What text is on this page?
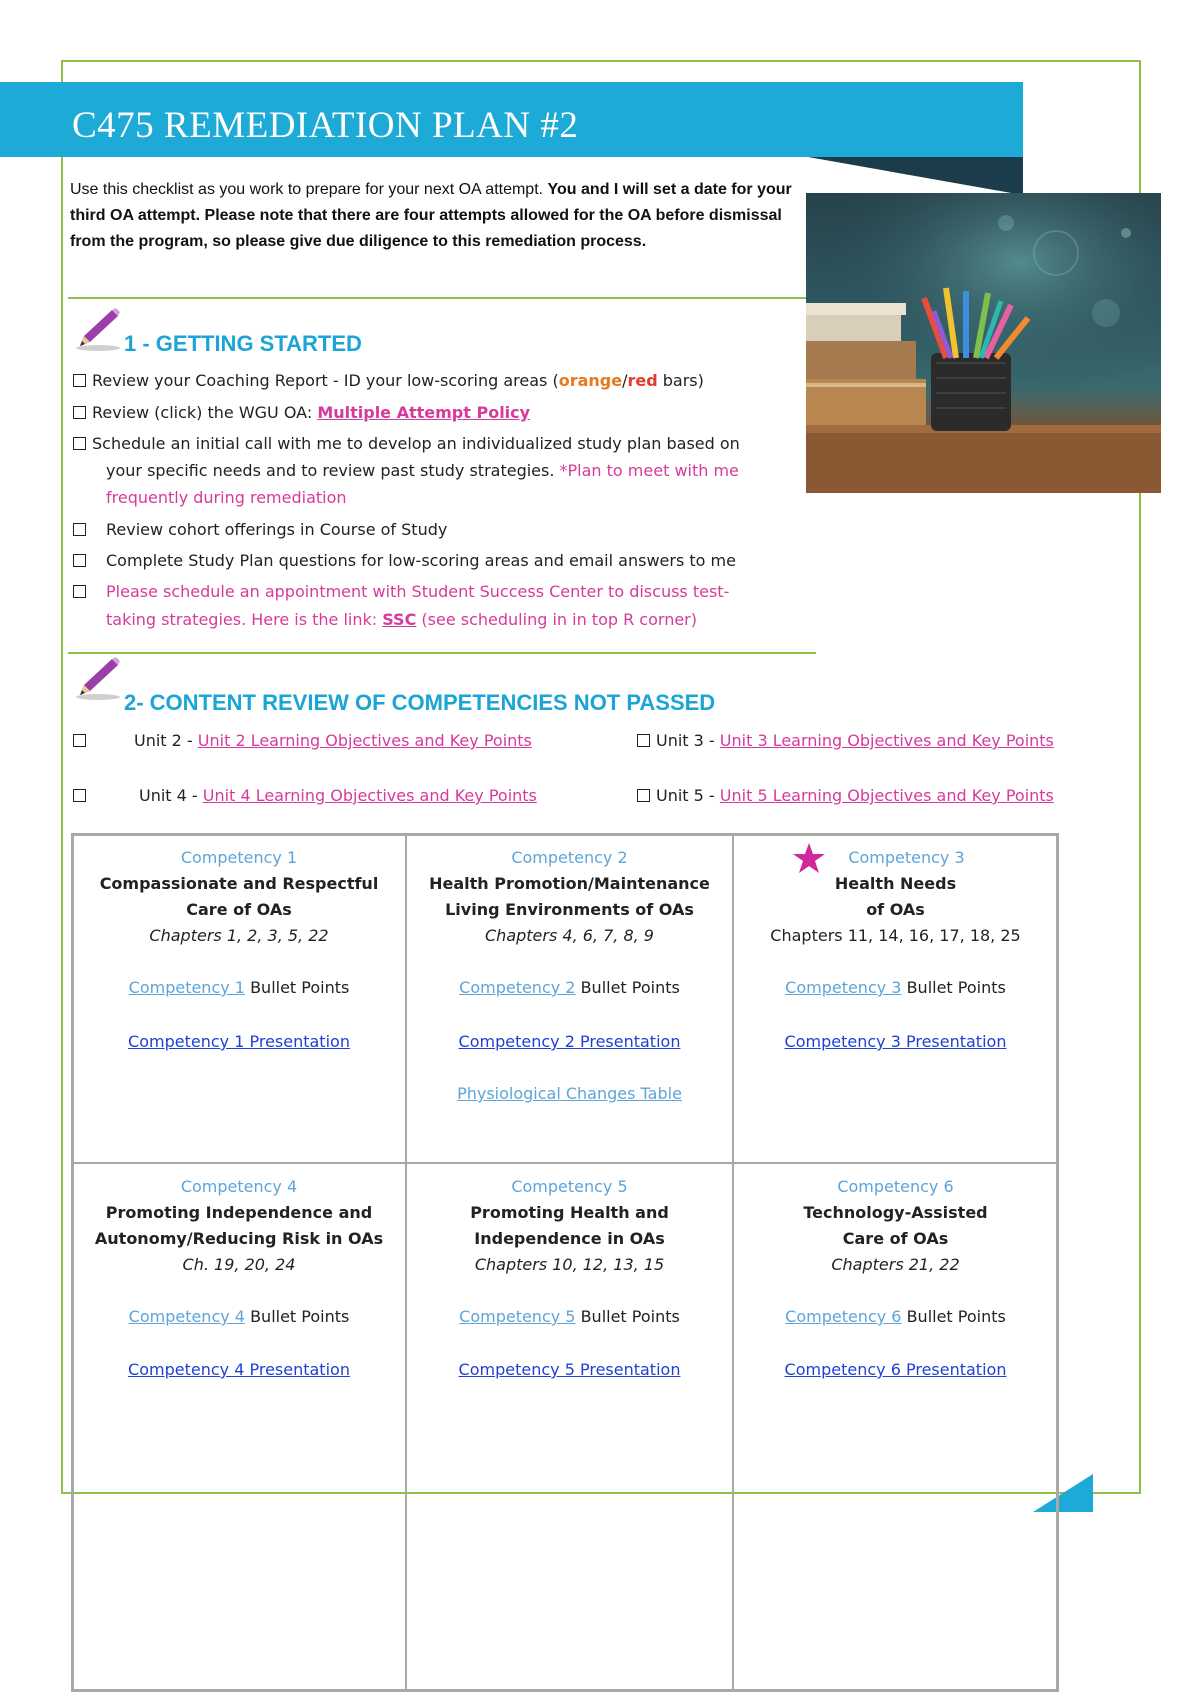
C475 REMEDIATION PLAN #2
Use this checklist as you work to prepare for your next OA attempt. You and I will set a date for your third OA attempt. Please note that there are four attempts allowed for the OA before dismissal from the program, so please give due diligence to this remediation process.
1 - GETTING STARTED
Review your Coaching Report - ID your low-scoring areas (orange/red bars)
Review (click) the WGU OA: Multiple Attempt Policy
Schedule an initial call with me to develop an individualized study plan based on
your specific needs and to review past study strategies. *Plan to meet with me
frequently during remediation
Review cohort offerings in Course of Study
Complete Study Plan questions for low-scoring areas and email answers to me
Please schedule an appointment with Student Success Center to discuss test-
taking strategies. Here is the link: SSC (see scheduling in in top R corner)
2- CONTENT REVIEW OF COMPETENCIES NOT PASSED
Unit 2 - Unit 2 Learning Objectives and Key Points	Unit 3 - Unit 3 Learning Objectives and Key Points
Unit 4 - Unit 4 Learning Objectives and Key Points	Unit 5 - Unit 5 Learning Objectives and Key Points
Competency 1
Compassionate and Respectful
Care of OAs
Chapters 1, 2, 3, 5, 22
Competency 1 Bullet Points
Competency 1 Presentation
Competency 2
Health Promotion/Maintenance
Living Environments of OAs
Chapters 4, 6, 7, 8, 9
Competency 2 Bullet Points
Competency 2 Presentation
Physiological Changes Table
Competency 3
Health Needs
of OAs
Chapters 11, 14, 16, 17, 18, 25
Competency 3 Bullet Points
Competency 3 Presentation
Competency 4
Promoting Independence and
Autonomy/Reducing Risk in OAs
Ch. 19, 20, 24
Competency 4 Bullet Points
Competency 4 Presentation
Competency 5
Promoting Health and
Independence in OAs
Chapters 10, 12, 13, 15
Competency 5 Bullet Points
Competency 5 Presentation
Competency 6
Technology-Assisted
Care of OAs
Chapters 21, 22
Competency 6 Bullet Points
Competency 6 Presentation
